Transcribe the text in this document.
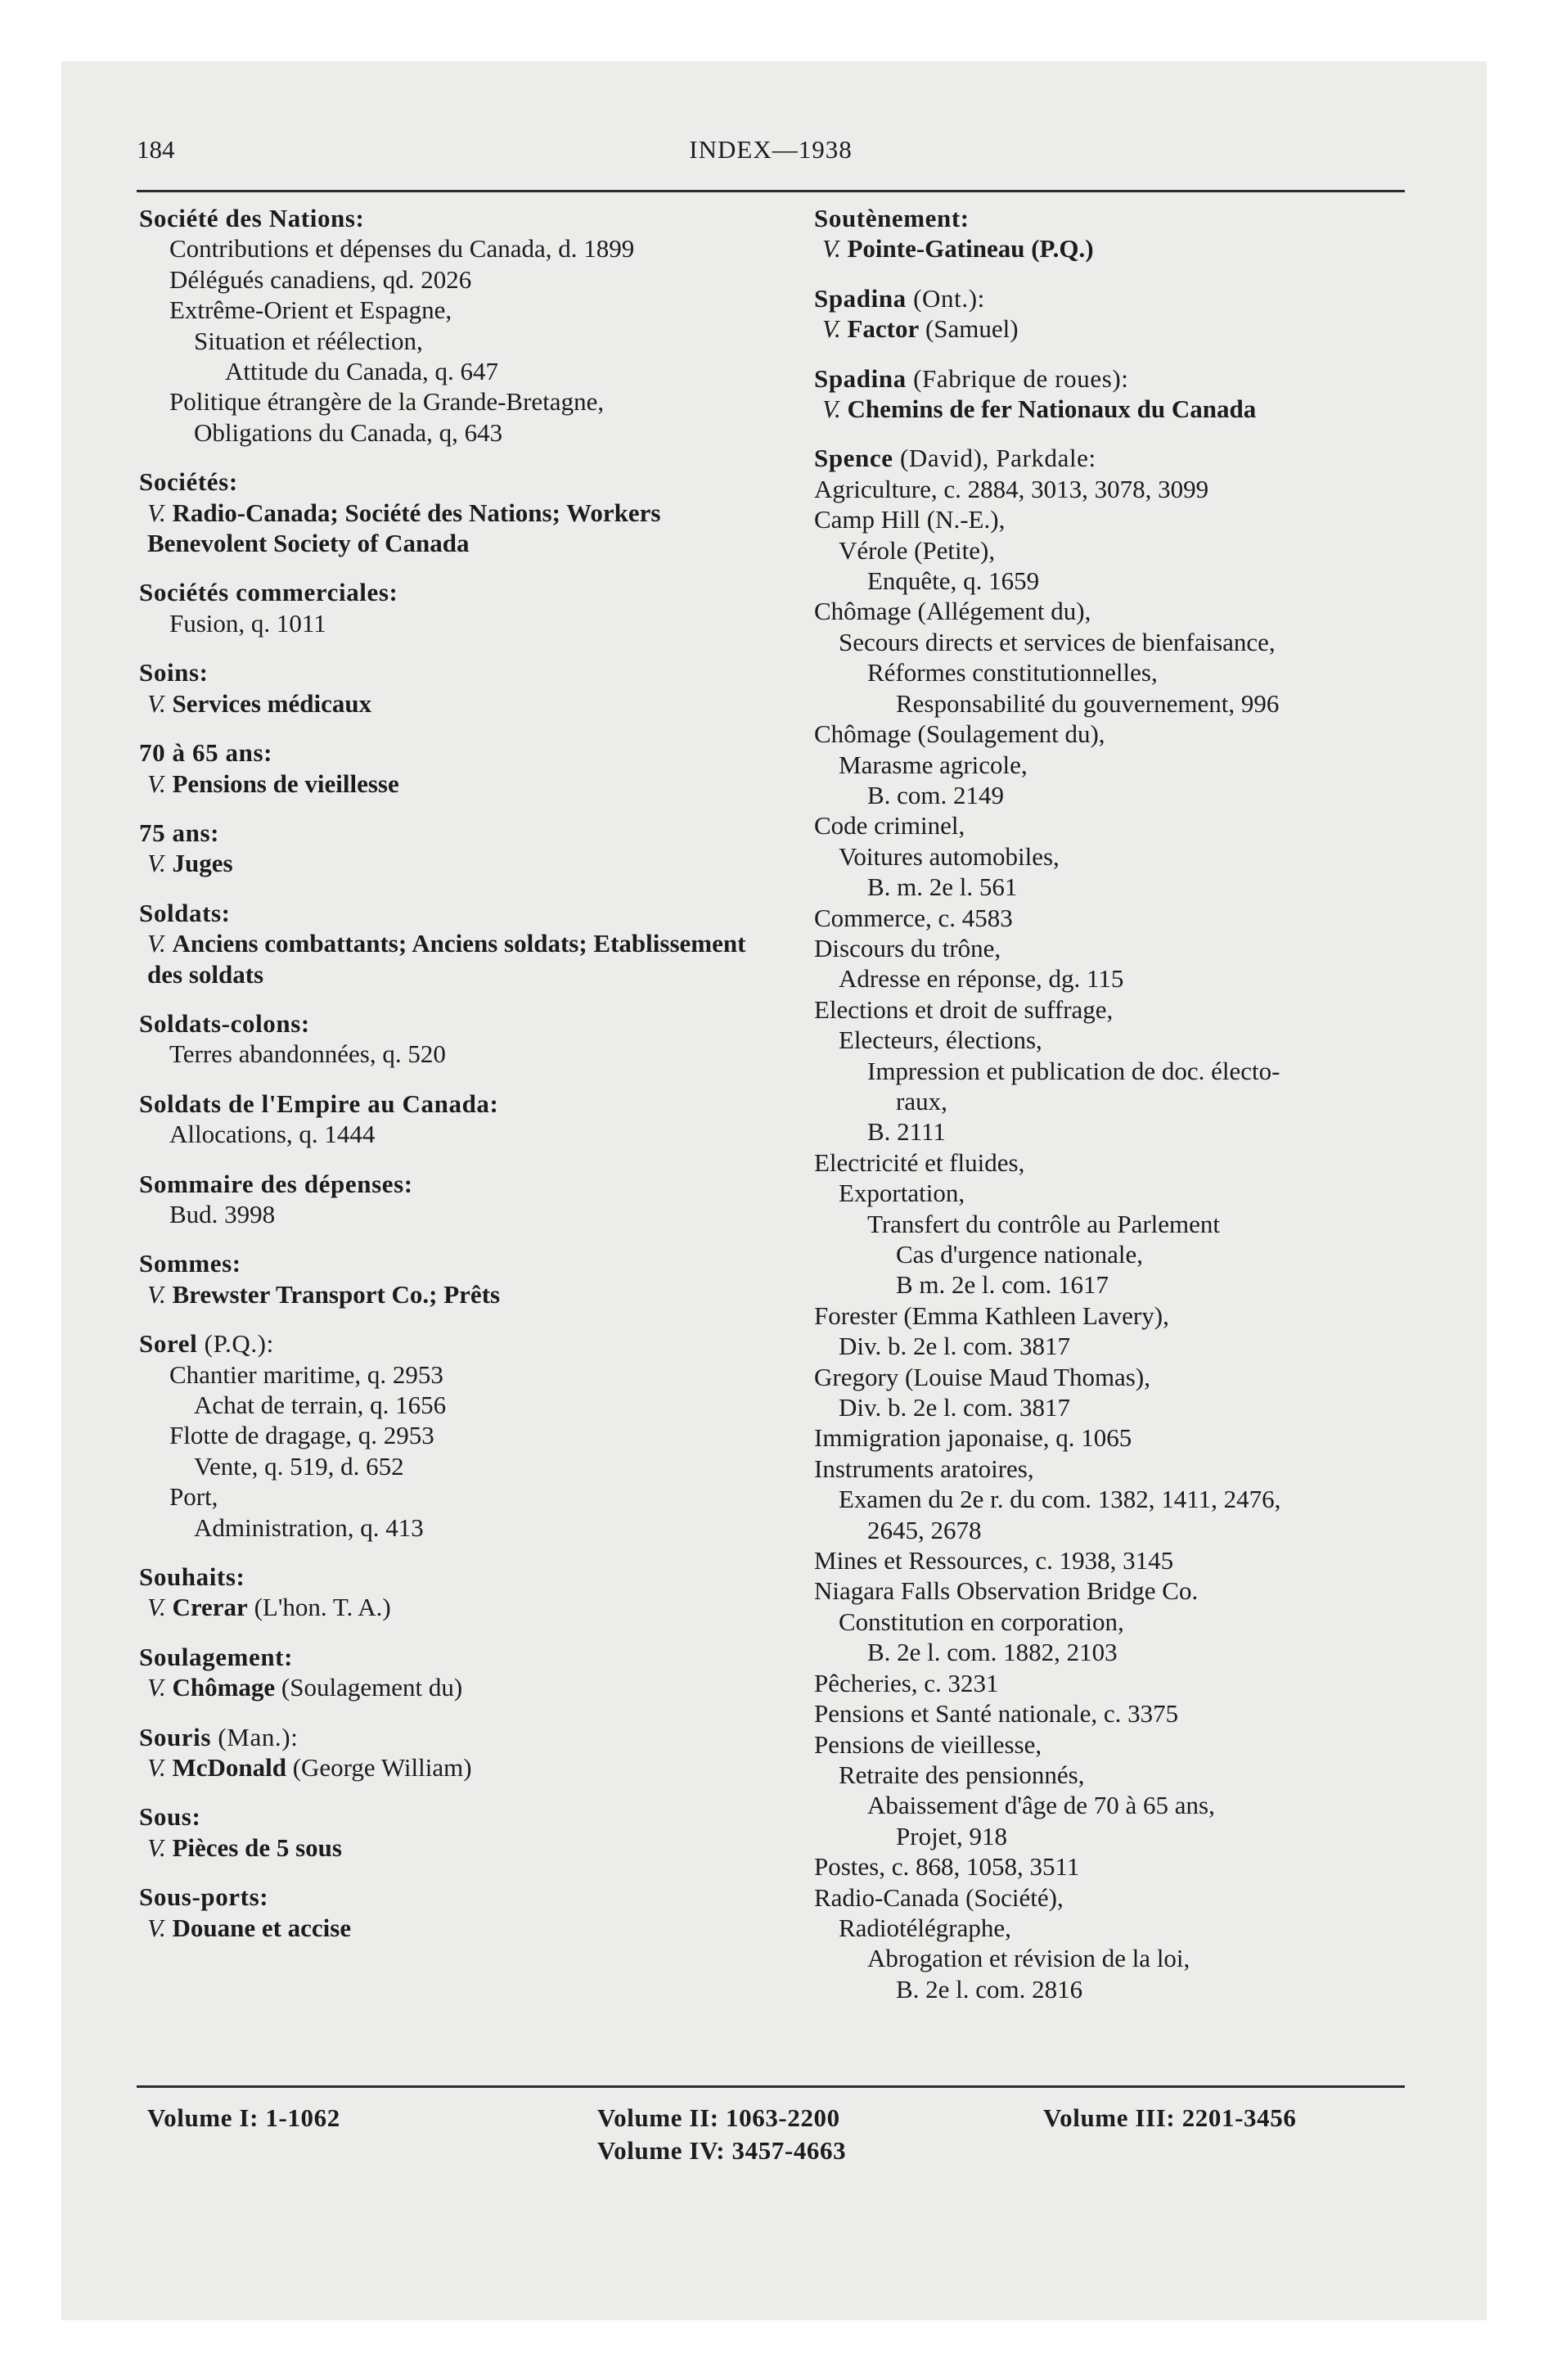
184	INDEX—1938
Société des Nations:
Contributions et dépenses du Canada, d. 1899
Délégués canadiens, qd. 2026
Extrême-Orient et Espagne,
Situation et réélection,
Attitude du Canada, q. 647
Politique étrangère de la Grande-Bretagne,
Obligations du Canada, q, 643
Sociétés:
V. Radio-Canada; Société des Nations; Workers Benevolent Society of Canada
Sociétés commerciales:
Fusion, q. 1011
Soins:
V. Services médicaux
70 à 65 ans:
V. Pensions de vieillesse
75 ans:
V. Juges
Soldats:
V. Anciens combattants; Anciens soldats; Etablissement des soldats
Soldats-colons:
Terres abandonnées, q. 520
Soldats de l'Empire au Canada:
Allocations, q. 1444
Sommaire des dépenses:
Bud. 3998
Sommes:
V. Brewster Transport Co.; Prêts
Sorel (P.Q.):
Chantier maritime, q. 2953
Achat de terrain, q. 1656
Flotte de dragage, q. 2953
Vente, q. 519, d. 652
Port,
Administration, q. 413
Souhaits:
V. Crerar (L'hon. T. A.)
Soulagement:
V. Chômage (Soulagement du)
Souris (Man.):
V. McDonald (George William)
Sous:
V. Pièces de 5 sous
Sous-ports:
V. Douane et accise
Soutènement:
V. Pointe-Gatineau (P.Q.)
Spadina (Ont.):
V. Factor (Samuel)
Spadina (Fabrique de roues):
V. Chemins de fer Nationaux du Canada
Spence (David), Parkdale:
Agriculture, c. 2884, 3013, 3078, 3099
Camp Hill (N.-E.),
Vérole (Petite),
Enquête, q. 1659
Chômage (Allégement du),
Secours directs et services de bienfaisance,
Réformes constitutionnelles,
Responsabilité du gouvernement, 996
Chômage (Soulagement du),
Marasme agricole,
B. com. 2149
Code criminel,
Voitures automobiles,
B. m. 2e l. 561
Commerce, c. 4583
Discours du trône,
Adresse en réponse, dg. 115
Elections et droit de suffrage,
Electeurs, élections,
Impression et publication de doc. électo-
raux,
B. 2111
Electricité et fluides,
Exportation,
Transfert du contrôle au Parlement
Cas d'urgence nationale,
B m. 2e l. com. 1617
Forester (Emma Kathleen Lavery),
Div. b. 2e l. com. 3817
Gregory (Louise Maud Thomas),
Div. b. 2e l. com. 3817
Immigration japonaise, q. 1065
Instruments aratoires,
Examen du 2e r. du com. 1382, 1411, 2476,
2645, 2678
Mines et Ressources, c. 1938, 3145
Niagara Falls Observation Bridge Co.
Constitution en corporation,
B. 2e l. com. 1882, 2103
Pêcheries, c. 3231
Pensions et Santé nationale, c. 3375
Pensions de vieillesse,
Retraite des pensionnés,
Abaissement d'âge de 70 à 65 ans,
Projet, 918
Postes, c. 868, 1058, 3511
Radio-Canada (Société),
Radiotélégraphe,
Abrogation et révision de la loi,
B. 2e l. com. 2816
Volume I: 1-1062	Volume II: 1063-2200
Volume IV: 3457-4663
Volume III: 2201-3456
